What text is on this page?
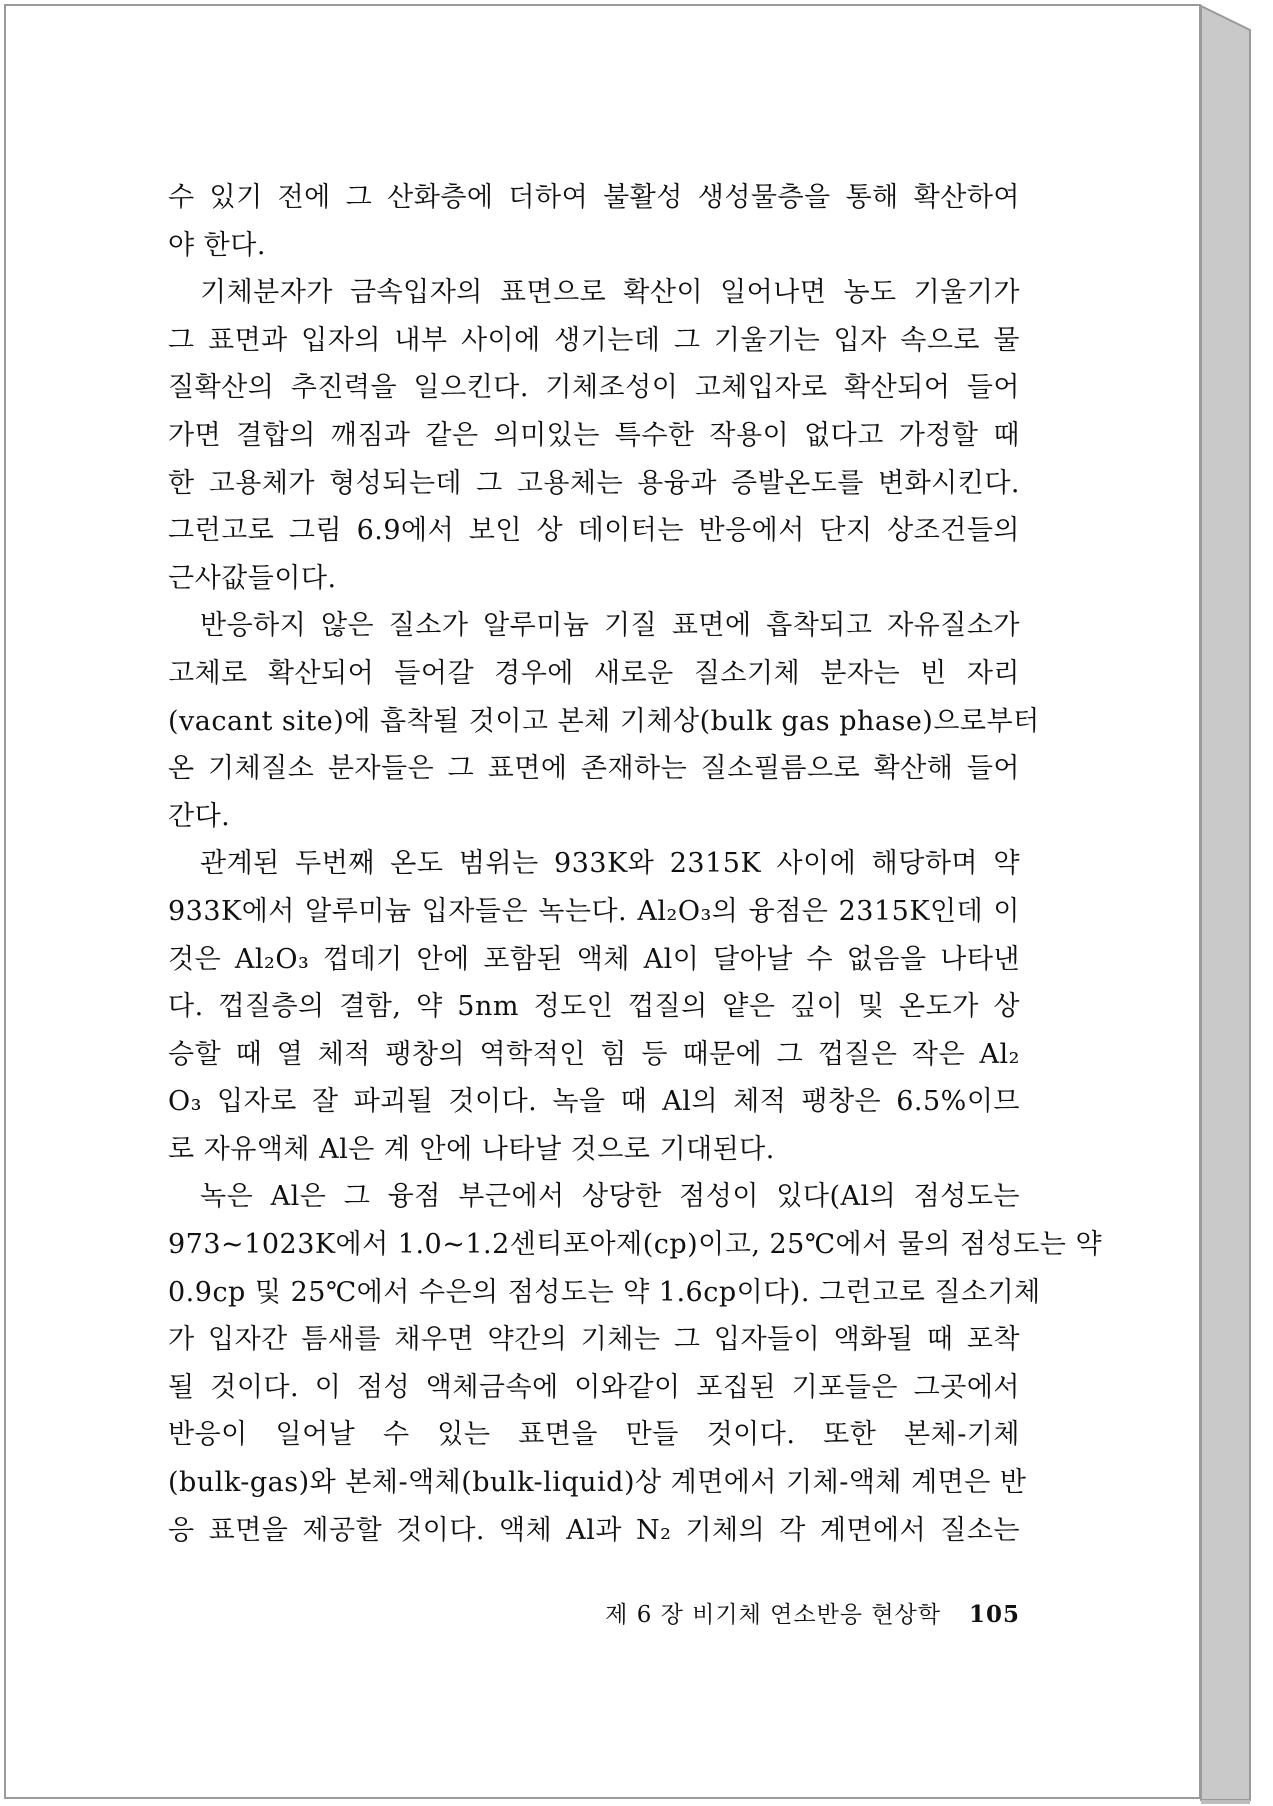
수 있기 전에 그 산화층에 더하여 불활성 생성물층을 통해 확산하여
야 한다.
기체분자가 금속입자의 표면으로 확산이 일어나면 농도 기울기가
그 표면과 입자의 내부 사이에 생기는데 그 기울기는 입자 속으로 물
질확산의 추진력을 일으킨다. 기체조성이 고체입자로 확산되어 들어
가면 결합의 깨짐과 같은 의미있는 특수한 작용이 없다고 가정할 때
한 고용체가 형성되는데 그 고용체는 용융과 증발온도를 변화시킨다.
그런고로 그림 6.9에서 보인 상 데이터는 반응에서 단지 상조건들의
근사값들이다.
반응하지 않은 질소가 알루미늄 기질 표면에 흡착되고 자유질소가
고체로 확산되어 들어갈 경우에 새로운 질소기체 분자는 빈 자리
(vacant site)에 흡착될 것이고 본체 기체상(bulk gas phase)으로부터
온 기체질소 분자들은 그 표면에 존재하는 질소필름으로 확산해 들어
간다.
관계된 두번째 온도 범위는 933K와 2315K 사이에 해당하며 약
933K에서 알루미늄 입자들은 녹는다. Al₂O₃의 융점은 2315K인데 이
것은 Al₂O₃ 껍데기 안에 포함된 액체 Al이 달아날 수 없음을 나타낸
다. 껍질층의 결함, 약 5nm 정도인 껍질의 얕은 깊이 및 온도가 상
승할 때 열 체적 팽창의 역학적인 힘 등 때문에 그 껍질은 작은 Al₂
O₃ 입자로 잘 파괴될 것이다. 녹을 때 Al의 체적 팽창은 6.5%이므
로 자유액체 Al은 계 안에 나타날 것으로 기대된다.
녹은 Al은 그 융점 부근에서 상당한 점성이 있다(Al의 점성도는
973~1023K에서 1.0~1.2센티포아제(cp)이고, 25℃에서 물의 점성도는 약
0.9cp 및 25℃에서 수은의 점성도는 약 1.6cp이다). 그런고로 질소기체
가 입자간 틈새를 채우면 약간의 기체는 그 입자들이 액화될 때 포착
될 것이다. 이 점성 액체금속에 이와같이 포집된 기포들은 그곳에서
반응이 일어날 수 있는 표면을 만들 것이다. 또한 본체-기체
(bulk-gas)와 본체-액체(bulk-liquid)상 계면에서 기체-액체 계면은 반
응 표면을 제공할 것이다. 액체 Al과 N₂ 기체의 각 계면에서 질소는
제 6 장 비기체 연소반응 현상학 105
